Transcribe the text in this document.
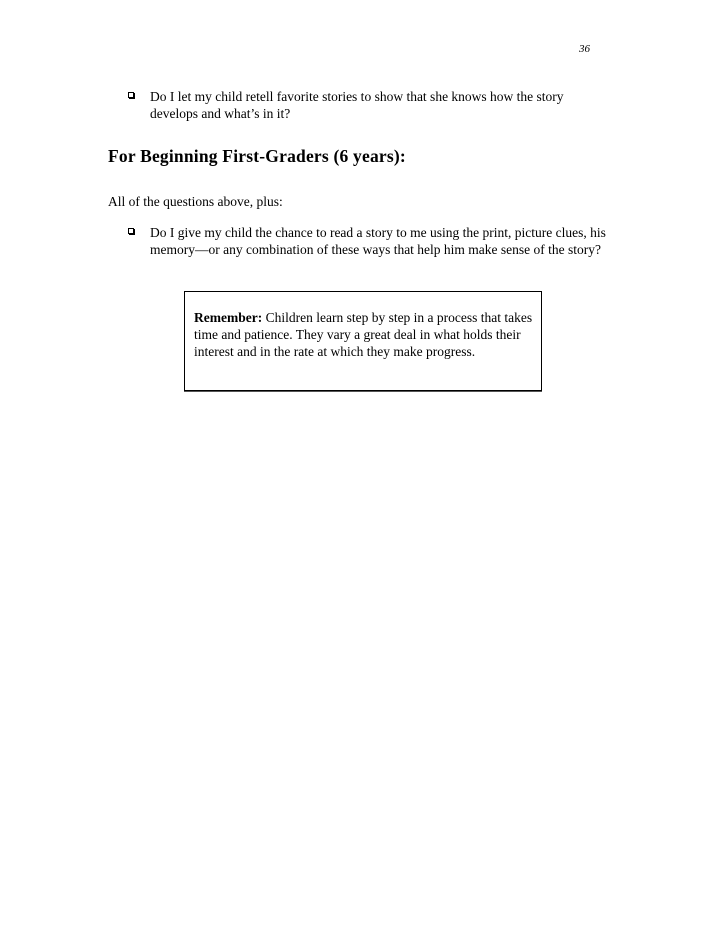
36
Do I let my child retell favorite stories to show that she knows how the story develops and what’s in it?
For Beginning First-Graders (6 years):
All of the questions above, plus:
Do I give my child the chance to read a story to me using the print, picture clues, his memory—or any combination of these ways that help him make sense of the story?
Remember: Children learn step by step in a process that takes time and patience. They vary a great deal in what holds their interest and in the rate at which they make progress.
